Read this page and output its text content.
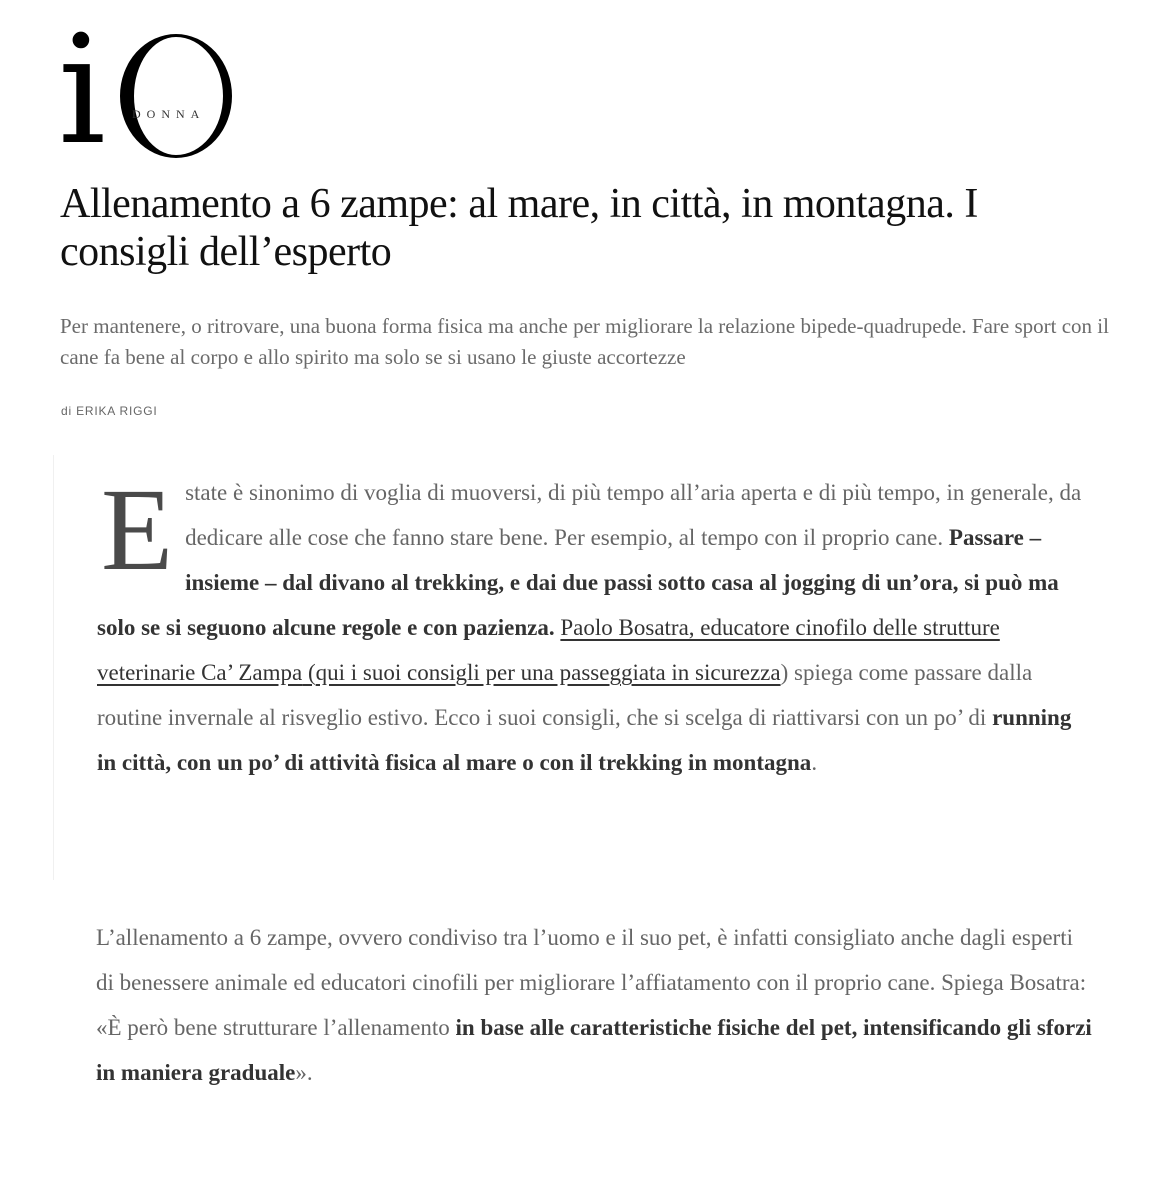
i DONNA
Allenamento a 6 zampe: al mare, in città, in montagna. I consigli dell’esperto

Per mantenere, o ritrovare, una buona forma fisica ma anche per migliorare la relazione bipede-quadrupede. Fare sport con il cane fa bene al corpo e allo spirito ma solo se si usano le giuste accortezze

di ERIKA RIGGI

Estate è sinonimo di voglia di muoversi, di più tempo all’aria aperta e di più tempo, in generale, da dedicare alle cose che fanno stare bene. Per esempio, al tempo con il proprio cane. Passare – insieme – dal divano al trekking, e dai due passi sotto casa al jogging di un’ora, si può ma solo se si seguono alcune regole e con pazienza. Paolo Bosatra, educatore cinofilo delle strutture veterinarie Ca’ Zampa (qui i suoi consigli per una passeggiata in sicurezza) spiega come passare dalla routine invernale al risveglio estivo. Ecco i suoi consigli, che si scelga di riattivarsi con un po’ di running in città, con un po’ di attività fisica al mare o con il trekking in montagna.

L’allenamento a 6 zampe, ovvero condiviso tra l’uomo e il suo pet, è infatti consigliato anche dagli esperti di benessere animale ed educatori cinofili per migliorare l’affiatamento con il proprio cane. Spiega Bosatra: «È però bene strutturare l’allenamento in base alle caratteristiche fisiche del pet, intensificando gli sforzi in maniera graduale».
